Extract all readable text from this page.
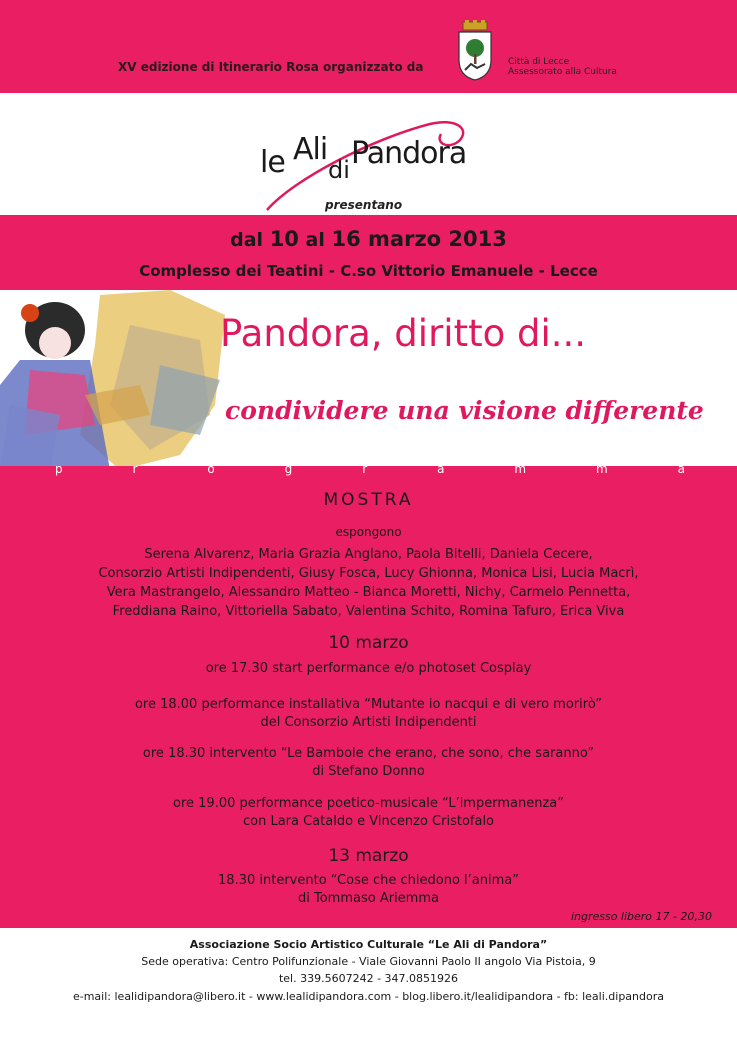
XV edizione di Itinerario Rosa organizzato da	Città di Lecce
Assessorato alla Cultura
le Ali
di Pandora
presentano
dal 10 al 16 marzo 2013
Complesso dei Teatini - C.so Vittorio Emanuele - Lecce
Pandora, diritto di...
condividere una visione differente
p	r	o	g	r	a	m	m	a
MOSTRA
espongono
Serena Alvarenz, Maria Grazia Anglano, Paola Bitelli, Daniela Cecere,
Consorzio Artisti Indipendenti, Giusy Fosca, Lucy Ghionna, Monica Lisi, Lucia Macrì,
Vera Mastrangelo, Alessandro Matteo - Bianca Moretti, Nichy, Carmelo Pennetta,
Freddiana Raino, Vittoriella Sabato, Valentina Schito, Romina Tafuro, Erica Viva
10 marzo
ore 17.30 start performance e/o photoset Cosplay
ore 18.00 performance installativa “Mutante io nacqui e di vero morirò”
del Consorzio Artisti Indipendenti
ore 18.30 intervento “Le Bambole che erano, che sono, che saranno”
di Stefano Donno
ore 19.00 performance poetico-musicale “L’impermanenza”
con Lara Cataldo e Vincenzo Cristofalo
13 marzo
18.30 intervento “Cose che chiedono l’anima”
di Tommaso Ariemma
ingresso libero 17 - 20,30
Associazione Socio Artistico Culturale “Le Ali di Pandora”
Sede operativa: Centro Polifunzionale - Viale Giovanni Paolo II angolo Via Pistoia, 9
tel. 339.5607242 - 347.0851926
e-mail: lealidipandora@libero.it - www.lealidipandora.com - blog.libero.it/lealidipandora - fb: leali.dipandora
